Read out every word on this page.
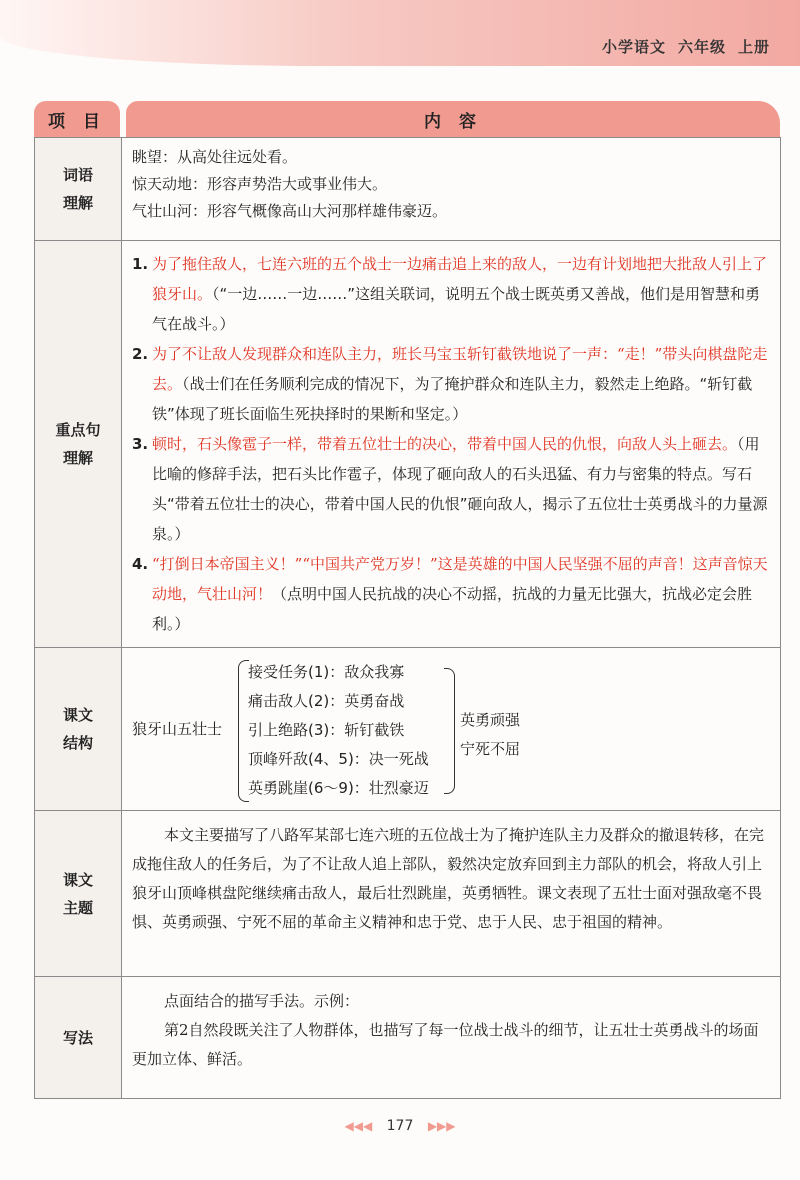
小学语文 六年级 上册
项 目	内 容
词语
理解
眺望：从高处往远处看。
惊天动地：形容声势浩大或事业伟大。
气壮山河：形容气概像高山大河那样雄伟豪迈。
重点句
理解
1. 为了拖住敌人，七连六班的五个战士一边痛击追上来的敌人，一边有计划地把大批敌人引上了狼牙山。（“一边……一边……”这组关联词，说明五个战士既英勇又善战，他们是用智慧和勇气在战斗。）
2. 为了不让敌人发现群众和连队主力，班长马宝玉斩钉截铁地说了一声：“走！”带头向棋盘陀走去。（战士们在任务顺利完成的情况下，为了掩护群众和连队主力，毅然走上绝路。“斩钉截铁”体现了班长面临生死抉择时的果断和坚定。）
3. 顿时，石头像雹子一样，带着五位壮士的决心，带着中国人民的仇恨，向敌人头上砸去。（用比喻的修辞手法，把石头比作雹子，体现了砸向敌人的石头迅猛、有力与密集的特点。写石头“带着五位壮士的决心，带着中国人民的仇恨”砸向敌人，揭示了五位壮士英勇战斗的力量源泉。）
4. “打倒日本帝国主义！”“中国共产党万岁！”这是英雄的中国人民坚强不屈的声音！这声音惊天动地，气壮山河！（点明中国人民抗战的决心不动摇，抗战的力量无比强大，抗战必定会胜利。）
课文
结构
狼牙山五壮士
接受任务(1)：敌众我寡
痛击敌人(2)：英勇奋战
引上绝路(3)：斩钉截铁
顶峰歼敌(4、5)：决一死战
英勇跳崖(6～9)：壮烈豪迈
英勇顽强
宁死不屈
课文
主题
本文主要描写了八路军某部七连六班的五位战士为了掩护连队主力及群众的撤退转移，在完成拖住敌人的任务后，为了不让敌人追上部队，毅然决定放弃回到主力部队的机会，将敌人引上狼牙山顶峰棋盘陀继续痛击敌人，最后壮烈跳崖，英勇牺牲。课文表现了五壮士面对强敌毫不畏惧、英勇顽强、宁死不屈的革命主义精神和忠于党、忠于人民、忠于祖国的精神。
写法
点面结合的描写手法。示例：
第2自然段既关注了人物群体，也描写了每一位战士战斗的细节，让五壮士英勇战斗的场面更加立体、鲜活。
◀◀◀ 177 ▶▶▶
